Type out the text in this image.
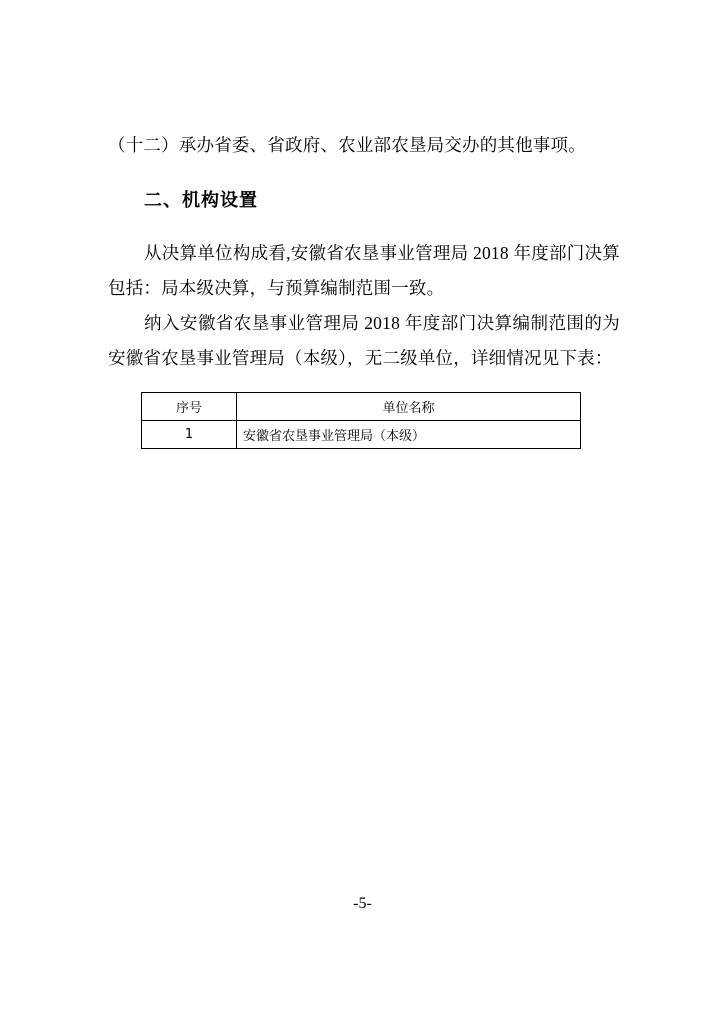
（十二）承办省委、省政府、农业部农垦局交办的其他事项。

二、机构设置

从决算单位构成看,安徽省农垦事业管理局 2018 年度部门决算包括：局本级决算，与预算编制范围一致。

纳入安徽省农垦事业管理局 2018 年度部门决算编制范围的为安徽省农垦事业管理局（本级），无二级单位，详细情况见下表：

序号	单位名称
1	安徽省农垦事业管理局（本级）
-5-
